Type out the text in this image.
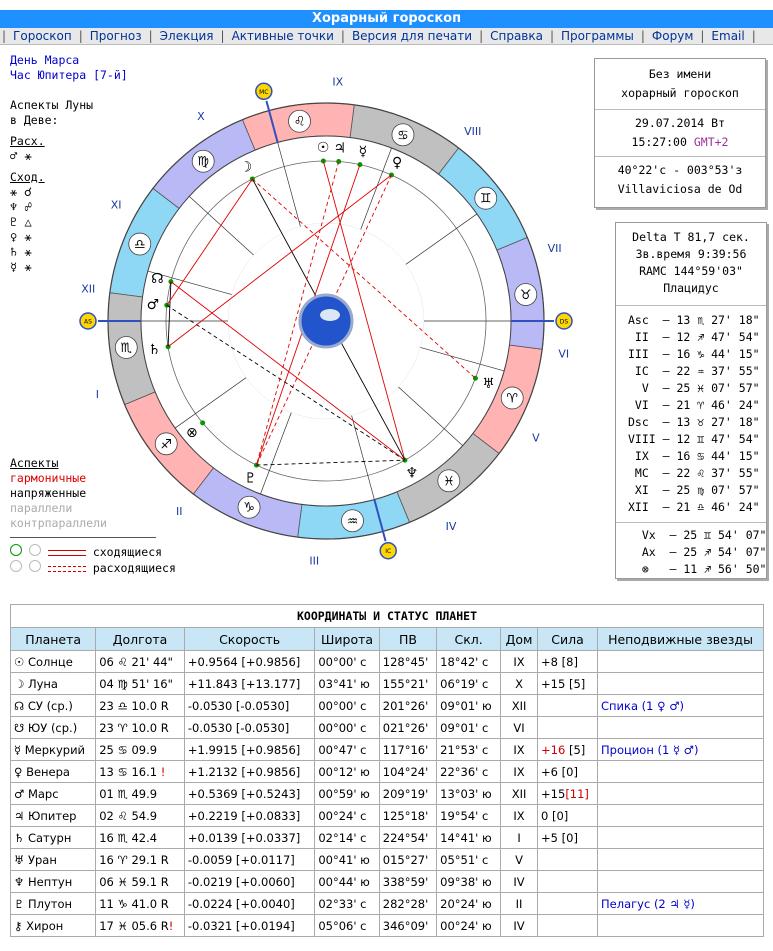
Хорарный гороскоп
| Гороскоп | Прогноз | Элекция | Активные точки | Версия для печати | Справка | Программы | Форум | Email |
День Марса
Час Юпитера [7-й]
Аспекты Луны
в Деве:
Расх.
♂ ⚹
Сход.
⚹ ☌
♆ ☍
♇ △
♀ ⚹
♄ ⚹
☿ ⚹
Аспекты
гармоничные
напряженные
параллели
контрпараллели
сходящиеся
расходящиеся
♈
♉
♊
♋
♌
♍
♎
♏
♐
♑
♒
♓
MC
AS	DS
IC
IX
X
XI
XII
I
II
III
IV
V
VI
VII
VIII
☉
☽
☊
☿
♀
♂
♃
♄
♅
♆
♇
⊗
Без имени
хорарный гороскоп
29.07.2014 Вт
15:27:00 GMT+2
40°22'с - 003°53'з
Villaviciosa de Od
Delta T 81,7 сек.
Зв.время 9:39:56
RAMC 144°59'03"
Плацидус
Asc  – 13 ♏ 27' 18"
II  – 12 ♐ 47' 54"
III  – 16 ♑ 44' 15"
IC  – 22 ♒ 37' 55"
V  – 25 ♓ 07' 57"
VI  – 21 ♈ 46' 24"
Dsc  – 13 ♉ 27' 18"
VIII – 12 ♊ 47' 54"
IX  – 16 ♋ 44' 15"
MC  – 22 ♌ 37' 55"
XI  – 25 ♍ 07' 57"
XII  – 21 ♎ 46' 24"
Vx  – 25 ♊ 54' 07"
Ax  – 25 ♐ 54' 07"
⊗   – 11 ♐ 56' 50"
КООРДИНАТЫ И СТАТУС ПЛАНЕТ								
Планета	Долгота	Скорость	Широта	ПВ	Скл.	Дом	Сила	Неподвижные звезды
☉ Солнце	06 ♌ 21' 44"	+0.9564 [+0.9856]	00°00' с	128°45'	18°42' с	IX	+8 [8]	
☽ Луна	04 ♍ 51' 16"	+11.843 [+13.177]	03°41' ю	155°21'	06°19' с	X	+15 [5]	
☊ СУ (ср.)	23 ♎ 10.0 R	-0.0530 [-0.0530]	00°00' с	201°26'	09°01' ю	XII		Спика (1 ♀ ♂)
☋ ЮУ (ср.)	23 ♈ 10.0 R	-0.0530 [-0.0530]	00°00' с	021°26'	09°01' с	VI		
☿ Меркурий	25 ♋ 09.9	+1.9915 [+0.9856]	00°47' с	117°16'	21°53' с	IX	+16 [5]	Процион (1 ☿ ♂)
♀ Венера	13 ♋ 16.1 !	+1.2132 [+0.9856]	00°12' ю	104°24'	22°36' с	IX	+6 [0]	
♂ Марс	01 ♏ 49.9	+0.5369 [+0.5243]	00°59' ю	209°19'	13°03' ю	XII	+15[11]	
♃ Юпитер	02 ♌ 54.9	+0.2219 [+0.0833]	00°24' с	125°18'	19°54' с	IX	0 [0]	
♄ Сатурн	16 ♏ 42.4	+0.0139 [+0.0337]	02°14' с	224°54'	14°41' ю	I	+5 [0]	
♅ Уран	16 ♈ 29.1 R	-0.0059 [+0.0117]	00°41' ю	015°27'	05°51' с	V		
♆ Нептун	06 ♓ 59.1 R	-0.0219 [+0.0060]	00°44' ю	338°59'	09°38' ю	IV		
♇ Плутон	11 ♑ 41.0 R	-0.0224 [+0.0040]	02°33' с	282°28'	20°24' ю	II		Пелагус (2 ♃ ☿)
⚷ Хирон	17 ♓ 05.6 R!	-0.0321 [+0.0194]	05°06' с	346°09'	00°24' ю	IV		
